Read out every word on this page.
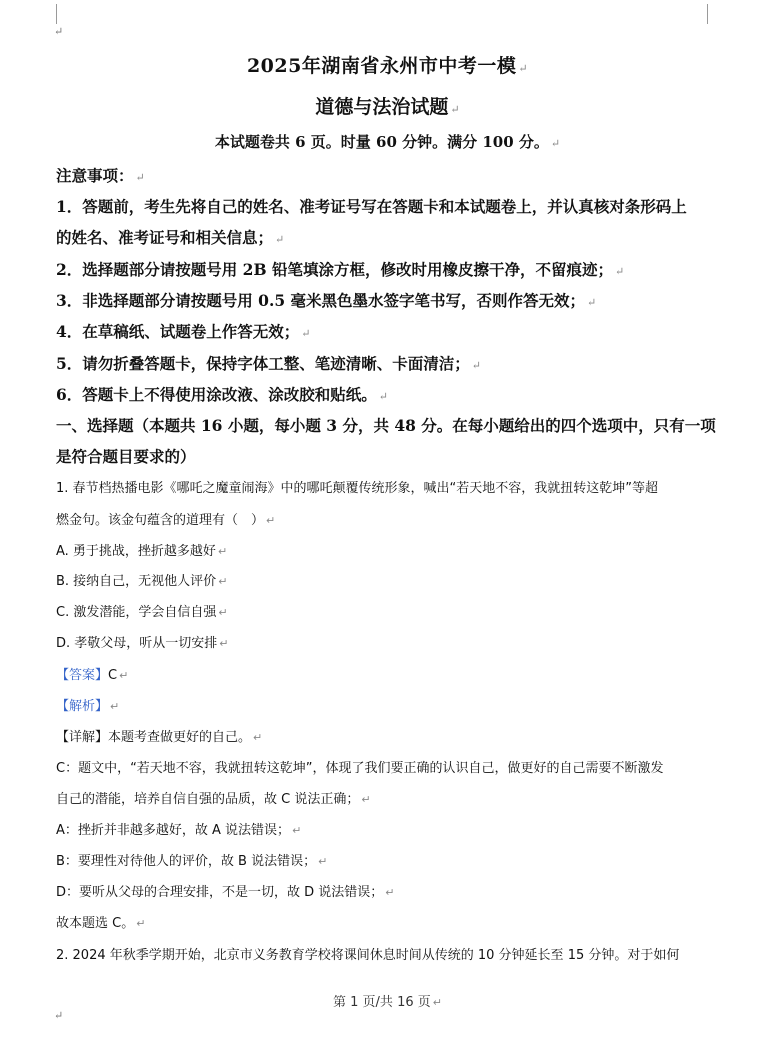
↵
↵
2025年湖南省永州市中考一模 ↵
道德与法治试题 ↵
本试题卷共 6 页。时量 60 分钟。满分 100 分。 ↵
注意事项： ↵
1．答题前，考生先将自己的姓名、准考证号写在答题卡和本试题卷上，并认真核对条形码上
的姓名、准考证号和相关信息； ↵
2．选择题部分请按题号用 2B 铅笔填涂方框，修改时用橡皮擦干净，不留痕迹； ↵
3．非选择题部分请按题号用 0.5 毫米黑色墨水签字笔书写，否则作答无效； ↵
4．在草稿纸、试题卷上作答无效； ↵
5．请勿折叠答题卡，保持字体工整、笔迹清晰、卡面清洁； ↵
6．答题卡上不得使用涂改液、涂改胶和贴纸。 ↵
一、选择题（本题共 16 小题，每小题 3 分，共 48 分。在每小题给出的四个选项中，只有一项
是符合题目要求的）
1. 春节档热播电影《哪吒之魔童闹海》中的哪吒颠覆传统形象，喊出“若天地不容，我就扭转这乾坤”等超
燃金句。该金句蕴含的道理有（　） ↵
A. 勇于挑战，挫折越多越好 ↵
B. 接纳自己，无视他人评价 ↵
C. 激发潜能，学会自信自强 ↵
D. 孝敬父母，听从一切安排 ↵
【答案】C ↵
【解析】 ↵
【详解】本题考查做更好的自己。 ↵
C：题文中，“若天地不容，我就扭转这乾坤”，体现了我们要正确的认识自己，做更好的自己需要不断激发
自己的潜能，培养自信自强的品质，故 C 说法正确； ↵
A：挫折并非越多越好，故 A 说法错误； ↵
B：要理性对待他人的评价，故 B 说法错误； ↵
D：要听从父母的合理安排，不是一切，故 D 说法错误； ↵
故本题选 C。 ↵
2. 2024 年秋季学期开始，北京市义务教育学校将课间休息时间从传统的 10 分钟延长至 15 分钟。对于如何
第 1 页/共 16 页 ↵
